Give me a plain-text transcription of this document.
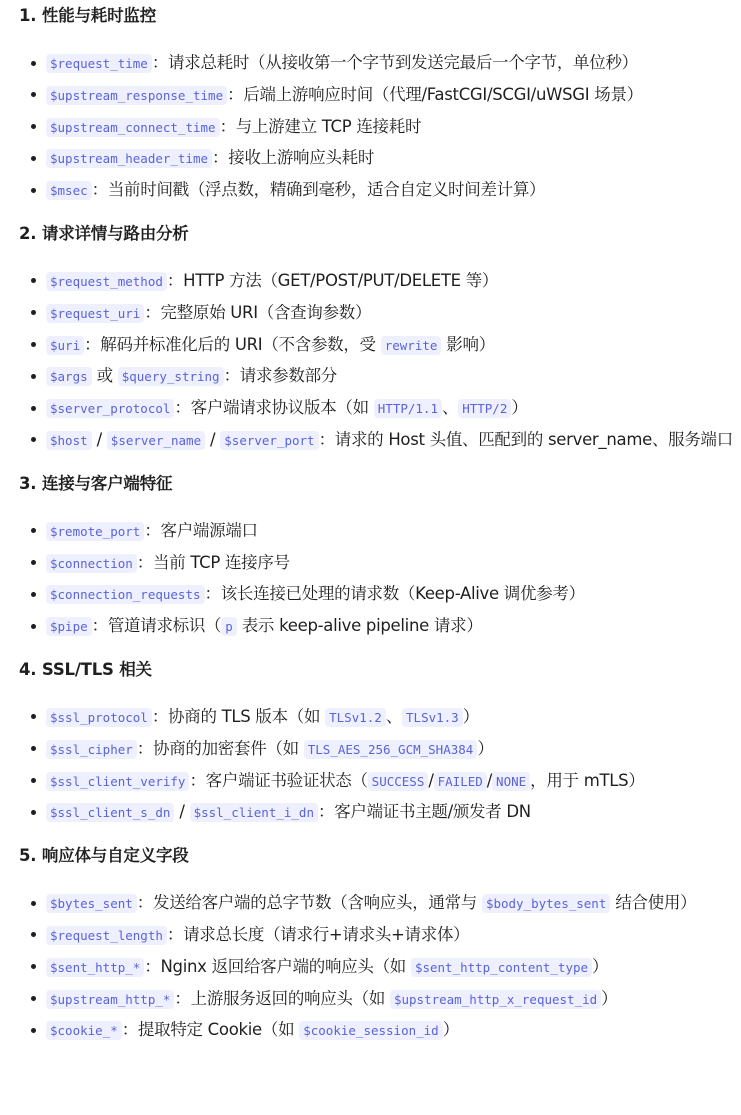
1. 性能与耗时监控
$request_time ：请求总耗时（从接收第一个字节到发送完最后一个字节，单位秒）
$upstream_response_time ：后端上游响应时间（代理/FastCGI/SCGI/uWSGI 场景）
$upstream_connect_time ：与上游建立 TCP 连接耗时
$upstream_header_time ：接收上游响应头耗时
$msec ：当前时间戳（浮点数，精确到毫秒，适合自定义时间差计算）
2. 请求详情与路由分析
$request_method ：HTTP 方法（GET/POST/PUT/DELETE 等）
$request_uri ：完整原始 URI（含查询参数）
$uri ：解码并标准化后的 URI（不含参数，受 rewrite 影响）
$args 或 $query_string ：请求参数部分
$server_protocol ：客户端请求协议版本（如 HTTP/1.1 、 HTTP/2 ）
$host / $server_name / $server_port ：请求的 Host 头值、匹配到的 server_name、服务端口
3. 连接与客户端特征
$remote_port ：客户端源端口
$connection ：当前 TCP 连接序号
$connection_requests ：该长连接已处理的请求数（Keep-Alive 调优参考）
$pipe ：管道请求标识（ p 表示 keep-alive pipeline 请求）
4. SSL/TLS 相关
$ssl_protocol ：协商的 TLS 版本（如 TLSv1.2 、 TLSv1.3 ）
$ssl_cipher ：协商的加密套件（如 TLS_AES_256_GCM_SHA384 ）
$ssl_client_verify ：客户端证书验证状态（ SUCCESS / FAILED / NONE ，用于 mTLS）
$ssl_client_s_dn / $ssl_client_i_dn ：客户端证书主题/颁发者 DN
5. 响应体与自定义字段
$bytes_sent ：发送给客户端的总字节数（含响应头，通常与 $body_bytes_sent 结合使用）
$request_length ：请求总长度（请求行+请求头+请求体）
$sent_http_* ：Nginx 返回给客户端的响应头（如 $sent_http_content_type ）
$upstream_http_* ：上游服务返回的响应头（如 $upstream_http_x_request_id ）
$cookie_* ：提取特定 Cookie（如 $cookie_session_id ）
